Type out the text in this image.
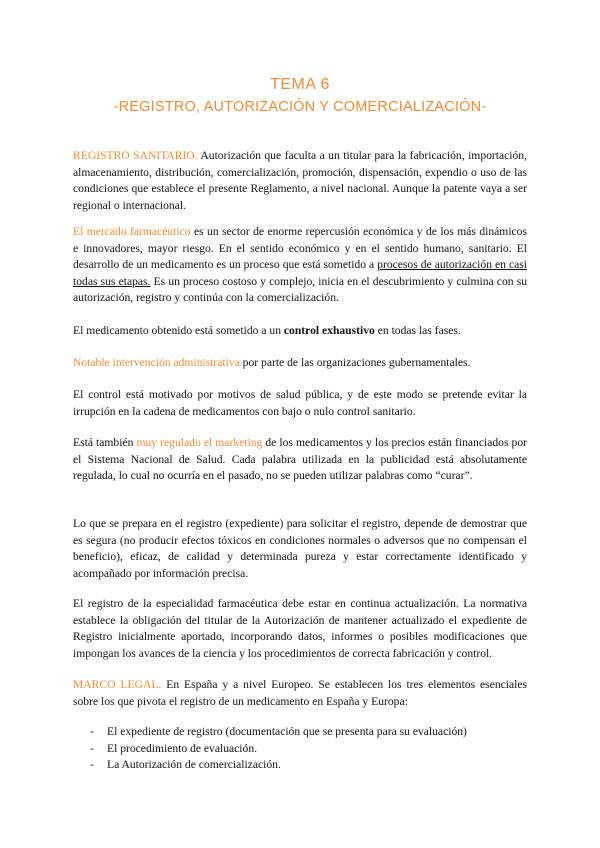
TEMA 6
-REGISTRO, AUTORIZACIÓN Y COMERCIALIZACIÓN-
REGISTRO SANITARIO. Autorización que faculta a un titular para la fabricación, importación, almacenamiento, distribución, comercialización, promoción, dispensación, expendio o uso de las condiciones que establece el presente Reglamento, a nivel nacional. Aunque la patente vaya a ser regional o internacional.
El mercado farmacéutico es un sector de enorme repercusión económica y de los más dinámicos e innovadores, mayor riesgo. En el sentido económico y en el sentido humano, sanitario. El desarrollo de un medicamento es un proceso que está sometido a procesos de autorización en casi todas sus etapas. Es un proceso costoso y complejo, inicia en el descubrimiento y culmina con su autorización, registro y continúa con la comercialización.
El medicamento obtenido está sometido a un control exhaustivo en todas las fases.
Notable intervención administrativa por parte de las organizaciones gubernamentales.
El control está motivado por motivos de salud pública, y de este modo se pretende evitar la irrupción en la cadena de medicamentos con bajo o nulo control sanitario.
Está también muy regulado el marketing de los medicamentos y los precios están financiados por el Sistema Nacional de Salud. Cada palabra utilizada en la publicidad está absolutamente regulada, lo cual no ocurría en el pasado, no se pueden utilizar palabras como “curar”.
Lo que se prepara en el registro (expediente) para solicitar el registro, depende de demostrar que es segura (no producir efectos tóxicos en condiciones normales o adversos que no compensan el beneficio), eficaz, de calidad y determinada pureza y estar correctamente identificado y acompañado por información precisa.
El registro de la especialidad farmacéutica debe estar en continua actualización. La normativa establece la obligación del titular de la Autorización de mantener actualizado el expediente de Registro inicialmente aportado, incorporando datos, informes o posibles modificaciones que impongan los avances de la ciencia y los procedimientos de correcta fabricación y control.
MARCO LEGAL. En España y a nivel Europeo. Se establecen los tres elementos esenciales sobre los que pivota el registro de un medicamento en España y Europa:
- El expediente de registro (documentación que se presenta para su evaluación)
- El procedimiento de evaluación.
- La Autorización de comercialización.
